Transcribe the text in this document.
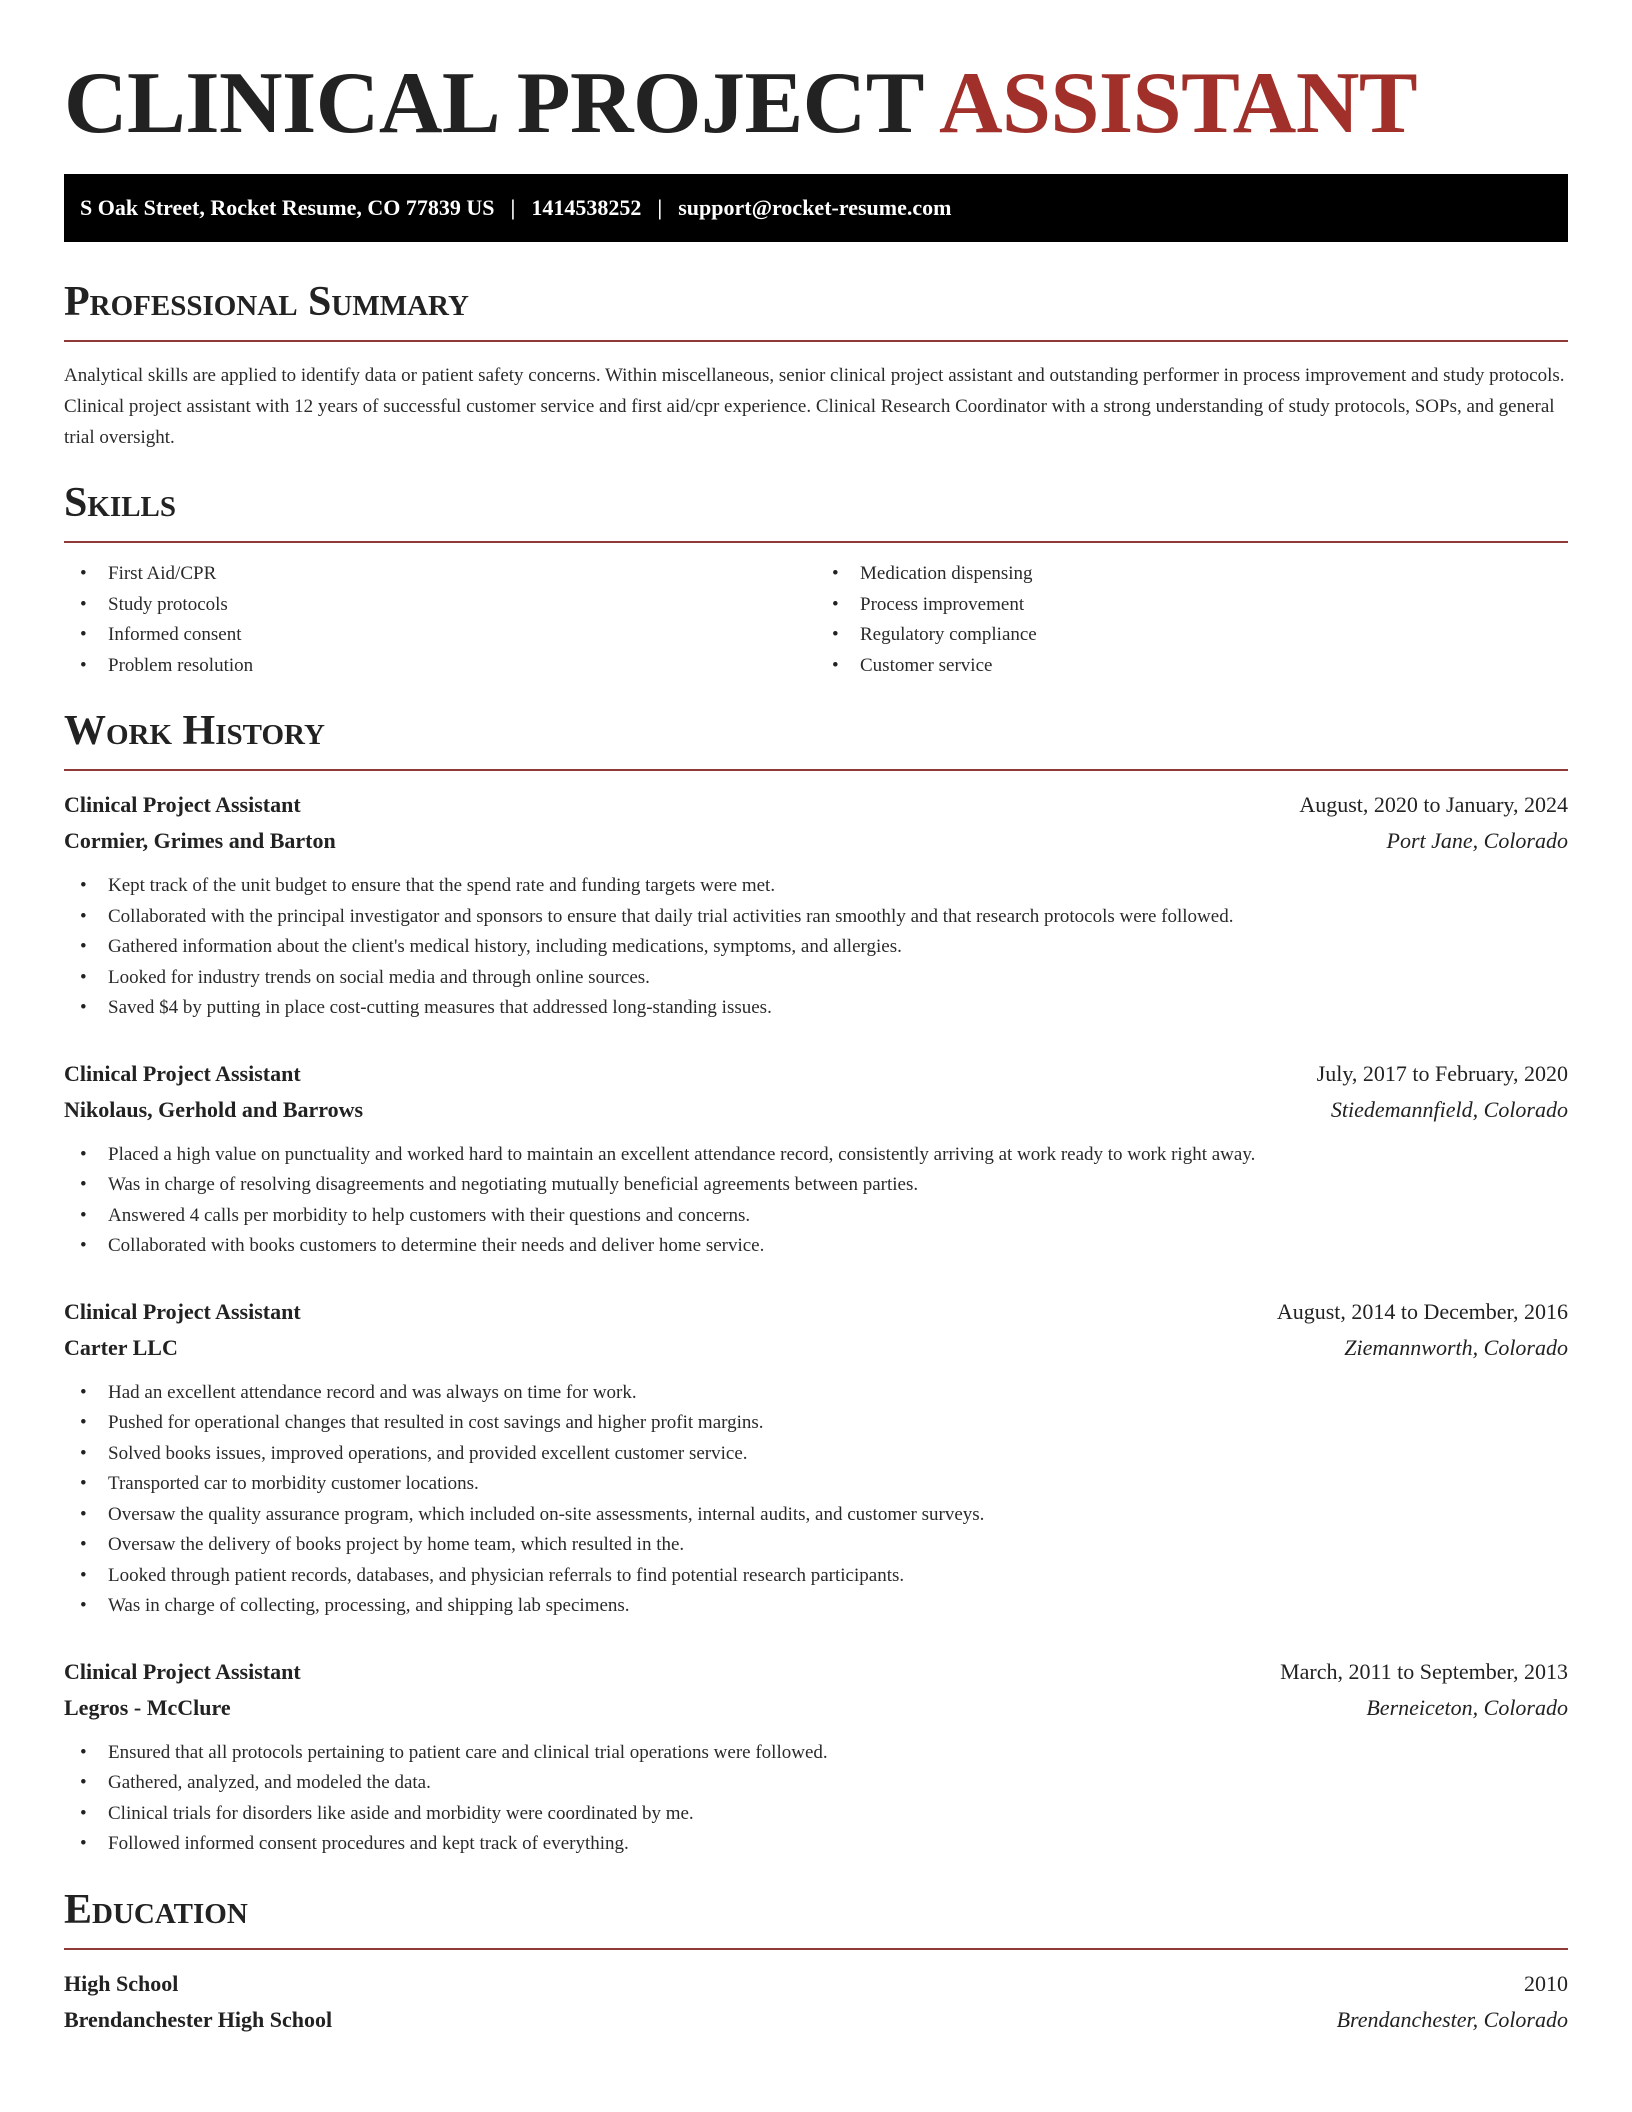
CLINICAL PROJECT ASSISTANT
S Oak Street, Rocket Resume, CO 77839 US | 1414538252 | support@rocket-resume.com
Professional Summary

Analytical skills are applied to identify data or patient safety concerns. Within miscellaneous, senior clinical project assistant and outstanding performer in process improvement and study protocols. Clinical project assistant with 12 years of successful customer service and first aid/cpr experience. Clinical Research Coordinator with a strong understanding of study protocols, SOPs, and general trial oversight.

Skills
• First Aid/CPR
• Study protocols
• Informed consent
• Problem resolution
• Medication dispensing
• Process improvement
• Regulatory compliance
• Customer service
Work History
Clinical Project Assistant	August, 2020 to January, 2024
Cormier, Grimes and Barton	Port Jane, Colorado
• Kept track of the unit budget to ensure that the spend rate and funding targets were met.
• Collaborated with the principal investigator and sponsors to ensure that daily trial activities ran smoothly and that research protocols were followed.
• Gathered information about the client's medical history, including medications, symptoms, and allergies.
• Looked for industry trends on social media and through online sources.
• Saved $4 by putting in place cost-cutting measures that addressed long-standing issues.
Clinical Project Assistant	July, 2017 to February, 2020
Nikolaus, Gerhold and Barrows	Stiedemannfield, Colorado
• Placed a high value on punctuality and worked hard to maintain an excellent attendance record, consistently arriving at work ready to work right away.
• Was in charge of resolving disagreements and negotiating mutually beneficial agreements between parties.
• Answered 4 calls per morbidity to help customers with their questions and concerns.
• Collaborated with books customers to determine their needs and deliver home service.
Clinical Project Assistant	August, 2014 to December, 2016
Carter LLC	Ziemannworth, Colorado
• Had an excellent attendance record and was always on time for work.
• Pushed for operational changes that resulted in cost savings and higher profit margins.
• Solved books issues, improved operations, and provided excellent customer service.
• Transported car to morbidity customer locations.
• Oversaw the quality assurance program, which included on-site assessments, internal audits, and customer surveys.
• Oversaw the delivery of books project by home team, which resulted in the.
• Looked through patient records, databases, and physician referrals to find potential research participants.
• Was in charge of collecting, processing, and shipping lab specimens.
Clinical Project Assistant	March, 2011 to September, 2013
Legros - McClure	Berneiceton, Colorado
• Ensured that all protocols pertaining to patient care and clinical trial operations were followed.
• Gathered, analyzed, and modeled the data.
• Clinical trials for disorders like aside and morbidity were coordinated by me.
• Followed informed consent procedures and kept track of everything.
Education
High School	2010
Brendanchester High School	Brendanchester, Colorado
